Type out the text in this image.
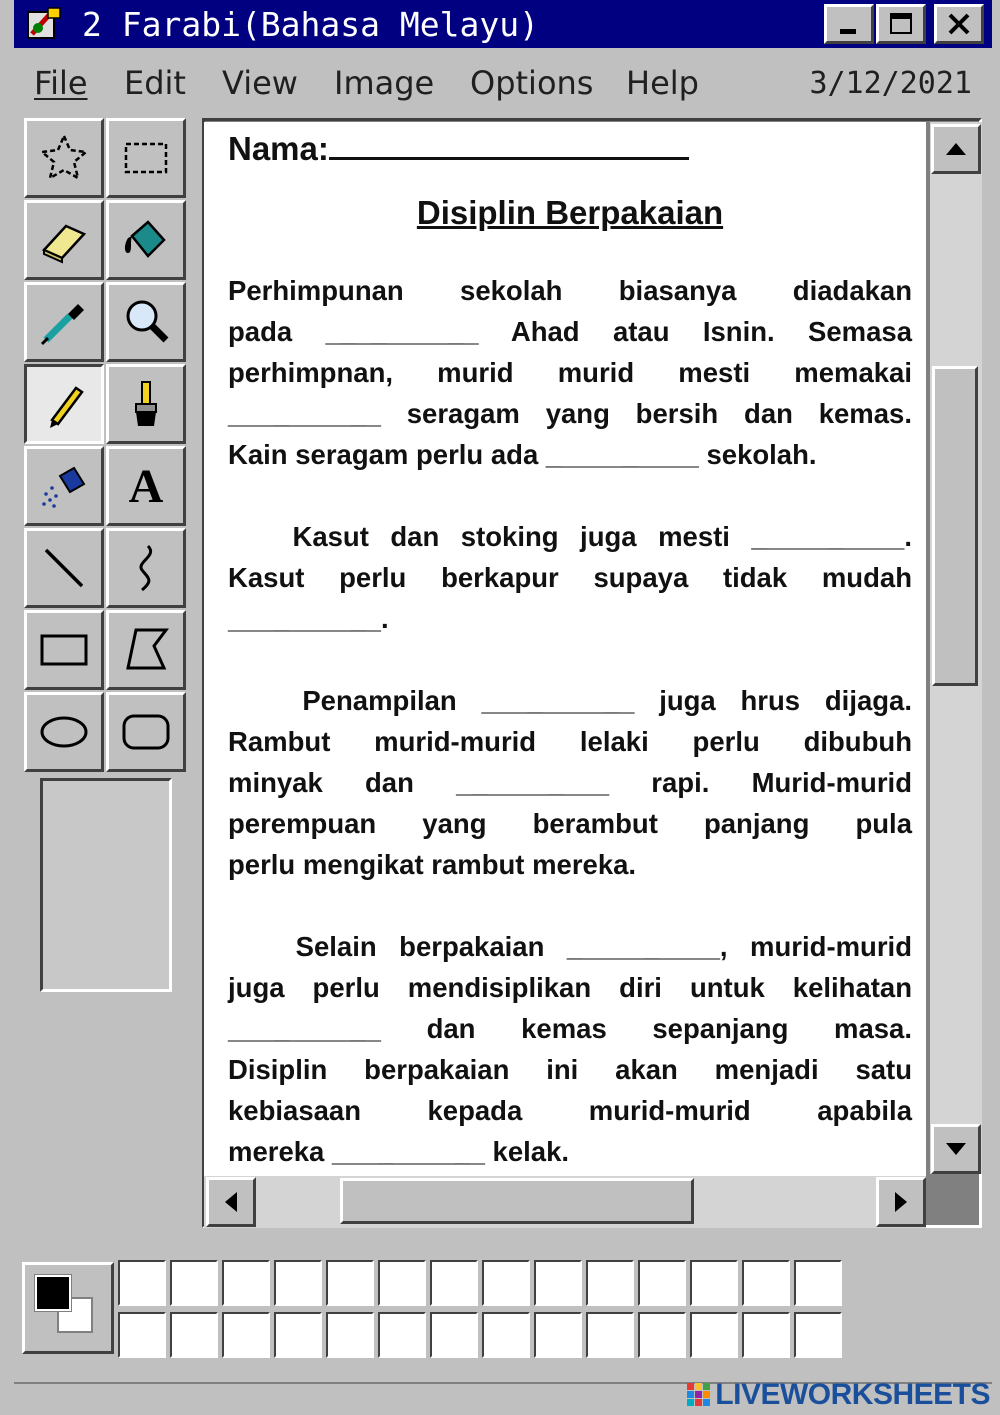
2 Farabi(Bahasa Melayu)
File Edit View Image Options Help	3/12/2021
A
Nama:
Disiplin Berpakaian
Perhimpunan sekolah biasanya diadakan
pada __________ Ahad atau Isnin. Semasa
perhimpnan, murid murid mesti memakai
__________ seragam yang bersih dan kemas.
Kain seragam perlu ada __________ sekolah.
Kasut dan stoking juga mesti __________.
Kasut perlu berkapur supaya tidak mudah
__________.
Penampilan __________ juga hrus dijaga.
Rambut murid-murid lelaki perlu dibubuh
minyak dan __________ rapi. Murid-murid
perempuan yang berambut panjang pula
perlu mengikat rambut mereka.
Selain berpakaian __________, murid-murid
juga perlu mendisiplikan diri untuk kelihatan
__________ dan kemas sepanjang masa.
Disiplin berpakaian ini akan menjadi satu
kebiasaan kepada murid-murid apabila
mereka __________ kelak.
LIVEWORKSHEETS
